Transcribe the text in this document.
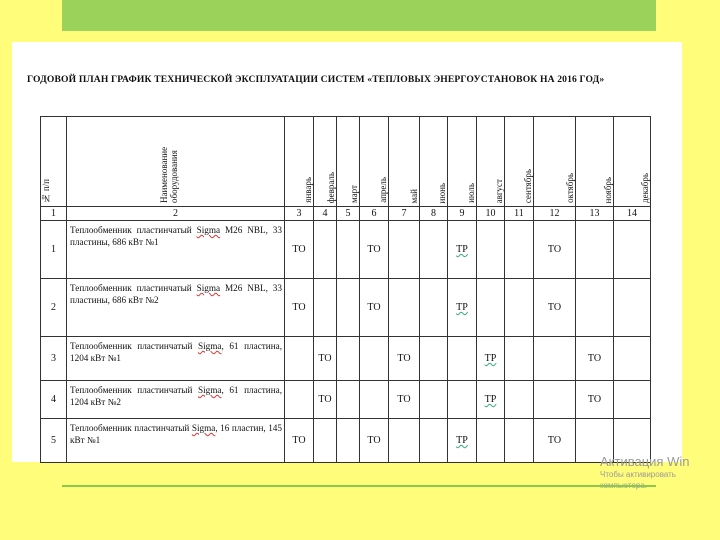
ГОДОВОЙ ПЛАН ГРАФИК ТЕХНИЧЕСКОЙ ЭКСПЛУАТАЦИИ СИСТЕМ «ТЕПЛОВЫХ ЭНЕРГОУСТАНОВОК НА 2016 ГОД»
№ п/п	Наименование оборудования	январь	февраль	март	апрель	май	июнь	июль	август	сентябрь	октябрь	ноябрь	декабрь
1	2	3	4	5	6	7	8	9	10	11	12	13	14
1	Теплообменник пластинчатый Sigma М26 NBL, 33 пластины, 686 кВт №1	ТО			ТО			ТР			ТО		
2	Теплообменник пластинчатый Sigma М26 NBL, 33 пластины, 686 кВт №2	ТО			ТО			ТР			ТО		
3	Теплообменник пластинчатый Sigma, 61 пластина, 1204 кВт №1		ТО			ТО			ТР			ТО	
4	Теплообменник пластинчатый Sigma, 61 пластина, 1204 кВт №2		ТО			ТО			ТР			ТО	
5	Теплообменник пластинчатый Sigma, 16 пластин, 145 кВт №1	ТО			ТО			ТР			ТО		
Активация Win
Чтобы активировать
